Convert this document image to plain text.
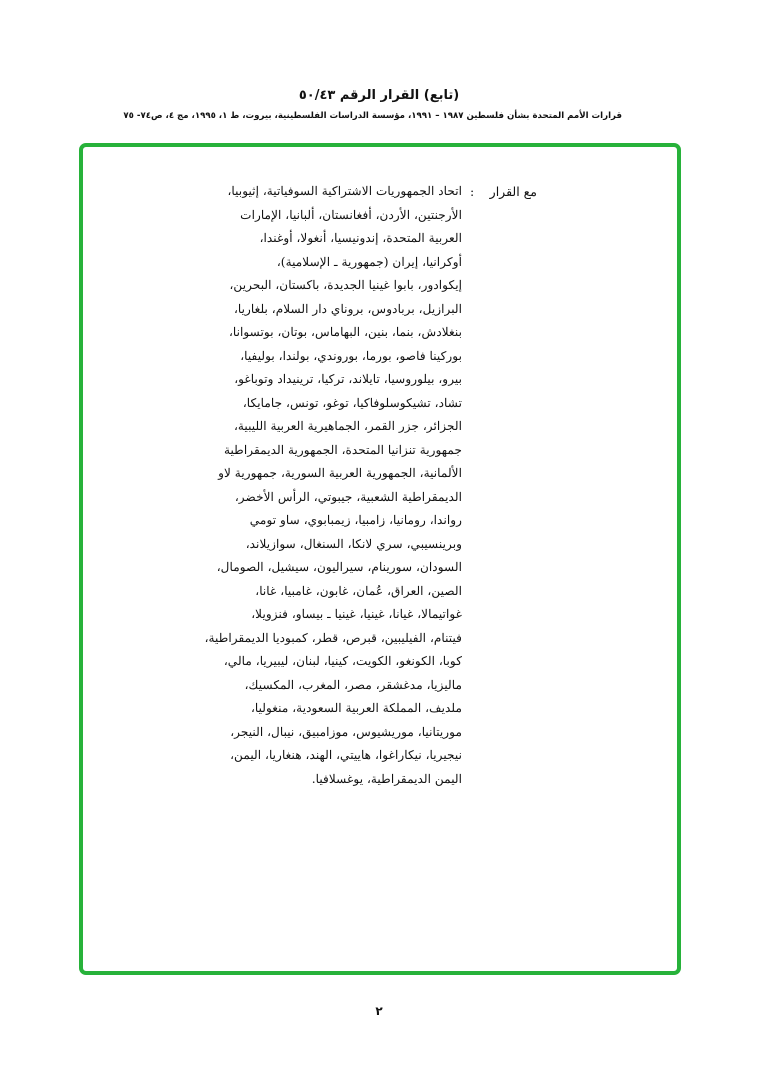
(تابع) القرار الرقم ٥٠/٤٣
قرارات الأمم المتحدة بشأن فلسطين ١٩٨٧ – ١٩٩١، مؤسسة الدراسات الفلسطينية، بيروت، ط ١، ١٩٩٥، مج ٤، ص٧٤- ٧٥
مع القرار
:
اتحاد الجمهوريات الاشتراكية السوفياتية، إثيوبيا،
الأرجنتين، الأردن، أفغانستان، ألبانيا، الإمارات
العربية المتحدة، إندونيسيا، أنغولا، أوغندا،
أوكرانيا، إيران (جمهورية ـ الإسلامية)،
إيكوادور، بابوا غينيا الجديدة، باكستان، البحرين،
البرازيل، بربادوس، بروناي دار السلام، بلغاريا،
بنغلادش، بنما، بنين، البهاماس، بوتان، بوتسوانا،
بوركينا فاصو، بورما، بوروندي، بولندا، بوليفيا،
بيرو، بيلوروسيا، تايلاند، تركيا، ترينيداد وتوباغو،
تشاد، تشيكوسلوفاكيا، توغو، تونس، جامايكا،
الجزائر، جزر القمر، الجماهيرية العربية الليبية،
جمهورية تنزانيا المتحدة، الجمهورية الديمقراطية
الألمانية، الجمهورية العربية السورية، جمهورية لاو
الديمقراطية الشعبية، جيبوتي، الرأس الأخضر،
رواندا، رومانيا، زامبيا، زيمبابوي، ساو تومي
وبرينسيبي، سري لانكا، السنغال، سوازيلاند،
السودان، سورينام، سيراليون، سيشيل، الصومال،
الصين، العراق، عُمان، غابون، غامبيا، غانا،
غواتيمالا، غيانا، غينيا، غينيا ـ بيساو، فنزويلا،
فيتنام، الفيليبين، قبرص، قطر، كمبوديا الديمقراطية،
كوبا، الكونغو، الكويت، كينيا، لبنان، ليبيريا، مالي،
ماليزيا، مدغشقر، مصر، المغرب، المكسيك،
ملديف، المملكة العربية السعودية، منغوليا،
موريتانيا، موريشيوس، موزامبيق، نيبال، النيجر،
نيجيريا، نيكاراغوا، هاييتي، الهند، هنغاريا، اليمن،
اليمن الديمقراطية، يوغسلافيا.
٢
